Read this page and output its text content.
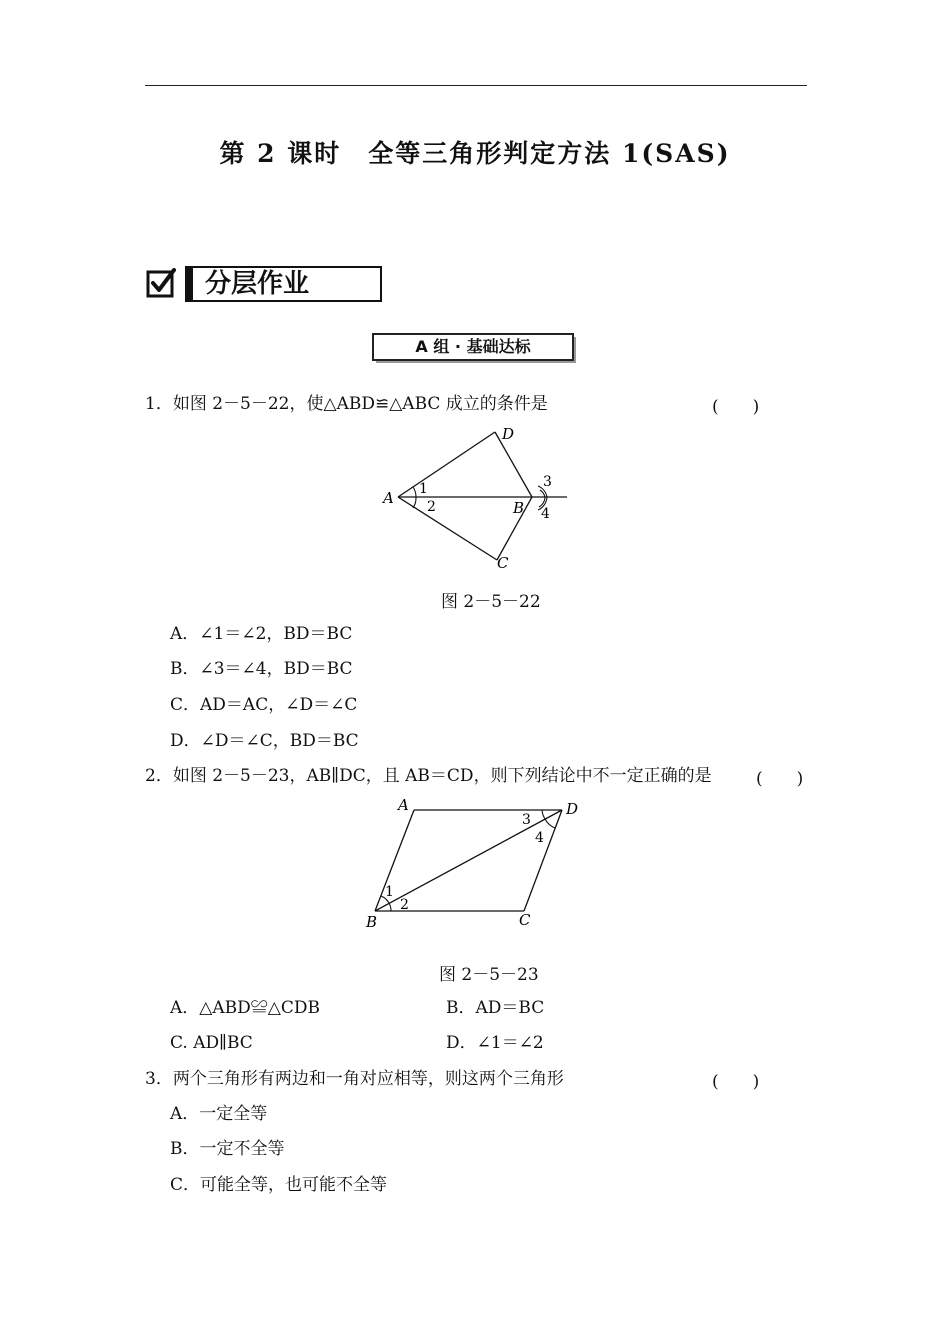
第 2 课时　全等三角形判定方法 1(SAS)
分层作业
A 组 · 基础达标
1．如图 2－5－22，使△ABD≌△ABC 成立的条件是	(　　)
A
D
B
C
1
2
3
4
图 2－5－22
A．∠1＝∠2，BD＝BC
B．∠3＝∠4，BD＝BC
C．AD＝AC，∠D＝∠C
D．∠D＝∠C，BD＝BC
2．如图 2－5－23，AB∥DC，且 AB＝CD，则下列结论中不一定正确的是	(　　)
A	D
B	C
1
2
3
4
图 2－5－23
A．△ABD≌△CDB	B．AD＝BC
C. AD∥BC	D．∠1＝∠2
3．两个三角形有两边和一角对应相等，则这两个三角形	(　　)
A．一定全等
B．一定不全等
C．可能全等，也可能不全等
